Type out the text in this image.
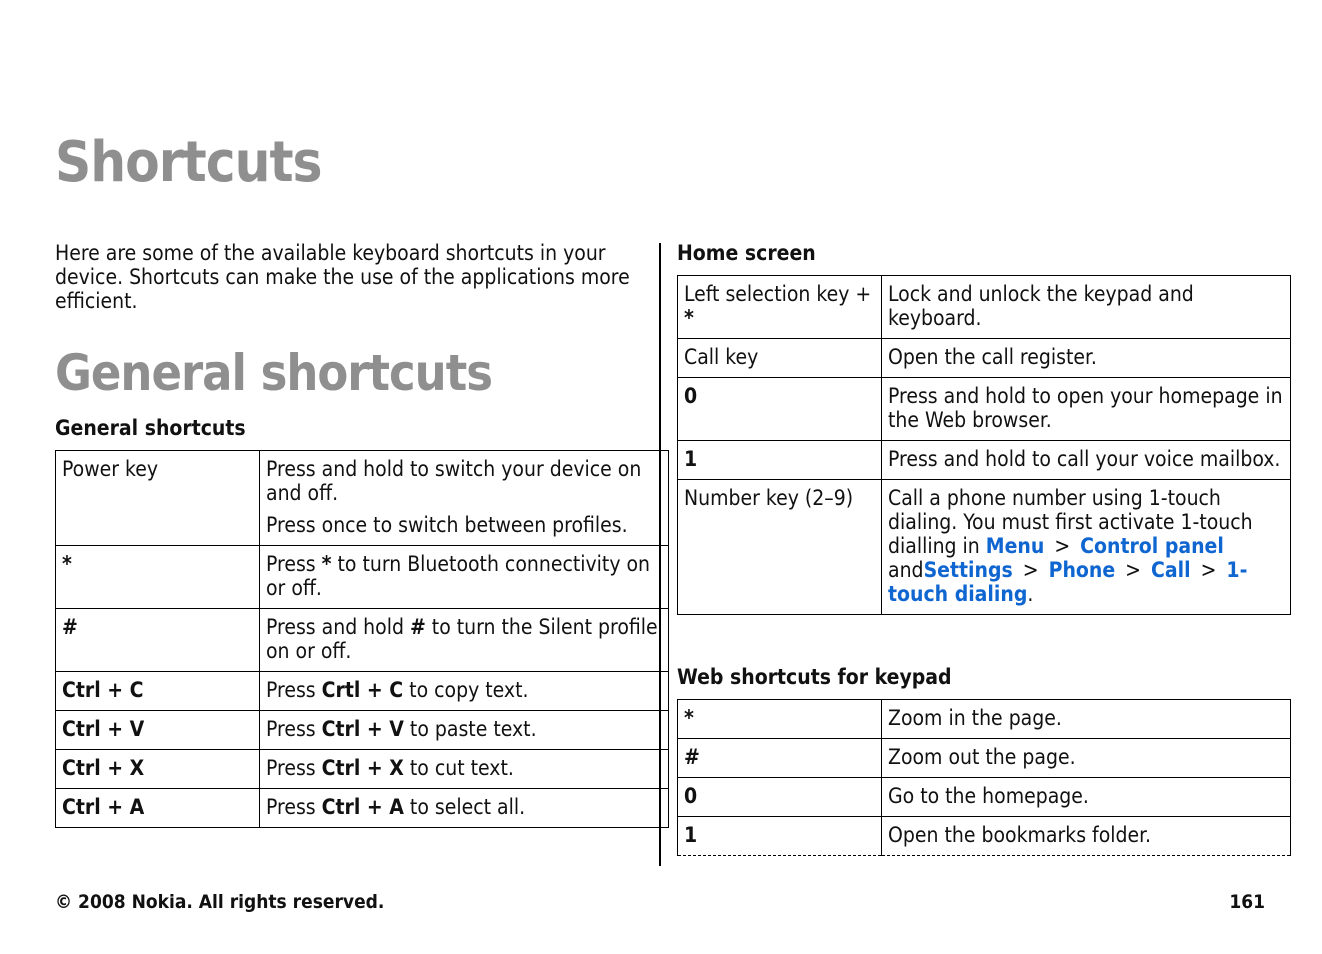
Shortcuts

Here are some of the available keyboard shortcuts in your device. Shortcuts can make the use of the applications more efficient.

General shortcuts

General shortcuts

Power key	Press and hold to switch your device on and off.

Press once to switch between profiles.

*	Press * to turn Bluetooth connectivity on or off.
#	Press and hold # to turn the Silent profile on or off.
Ctrl + C	Press Crtl + C to copy text.
Ctrl + V	Press Ctrl + V to paste text.
Ctrl + X	Press Ctrl + X to cut text.
Ctrl + A	Press Ctrl + A to select all.

Home screen

Left selection key + *	Lock and unlock the keypad and keyboard.
Call key	Open the call register.
0	Press and hold to open your homepage in the Web browser.
1	Press and hold to call your voice mailbox.
Number key (2–9)	Call a phone number using 1-touch dialing. You must first activate 1-touch dialling in Menu > Control panel andSettings > Phone > Call > 1-touch dialing.

Web shortcuts for keypad

*	Zoom in the page.
#	Zoom out the page.
0	Go to the homepage.
1	Open the bookmarks folder.
© 2008 Nokia. All rights reserved.	161
